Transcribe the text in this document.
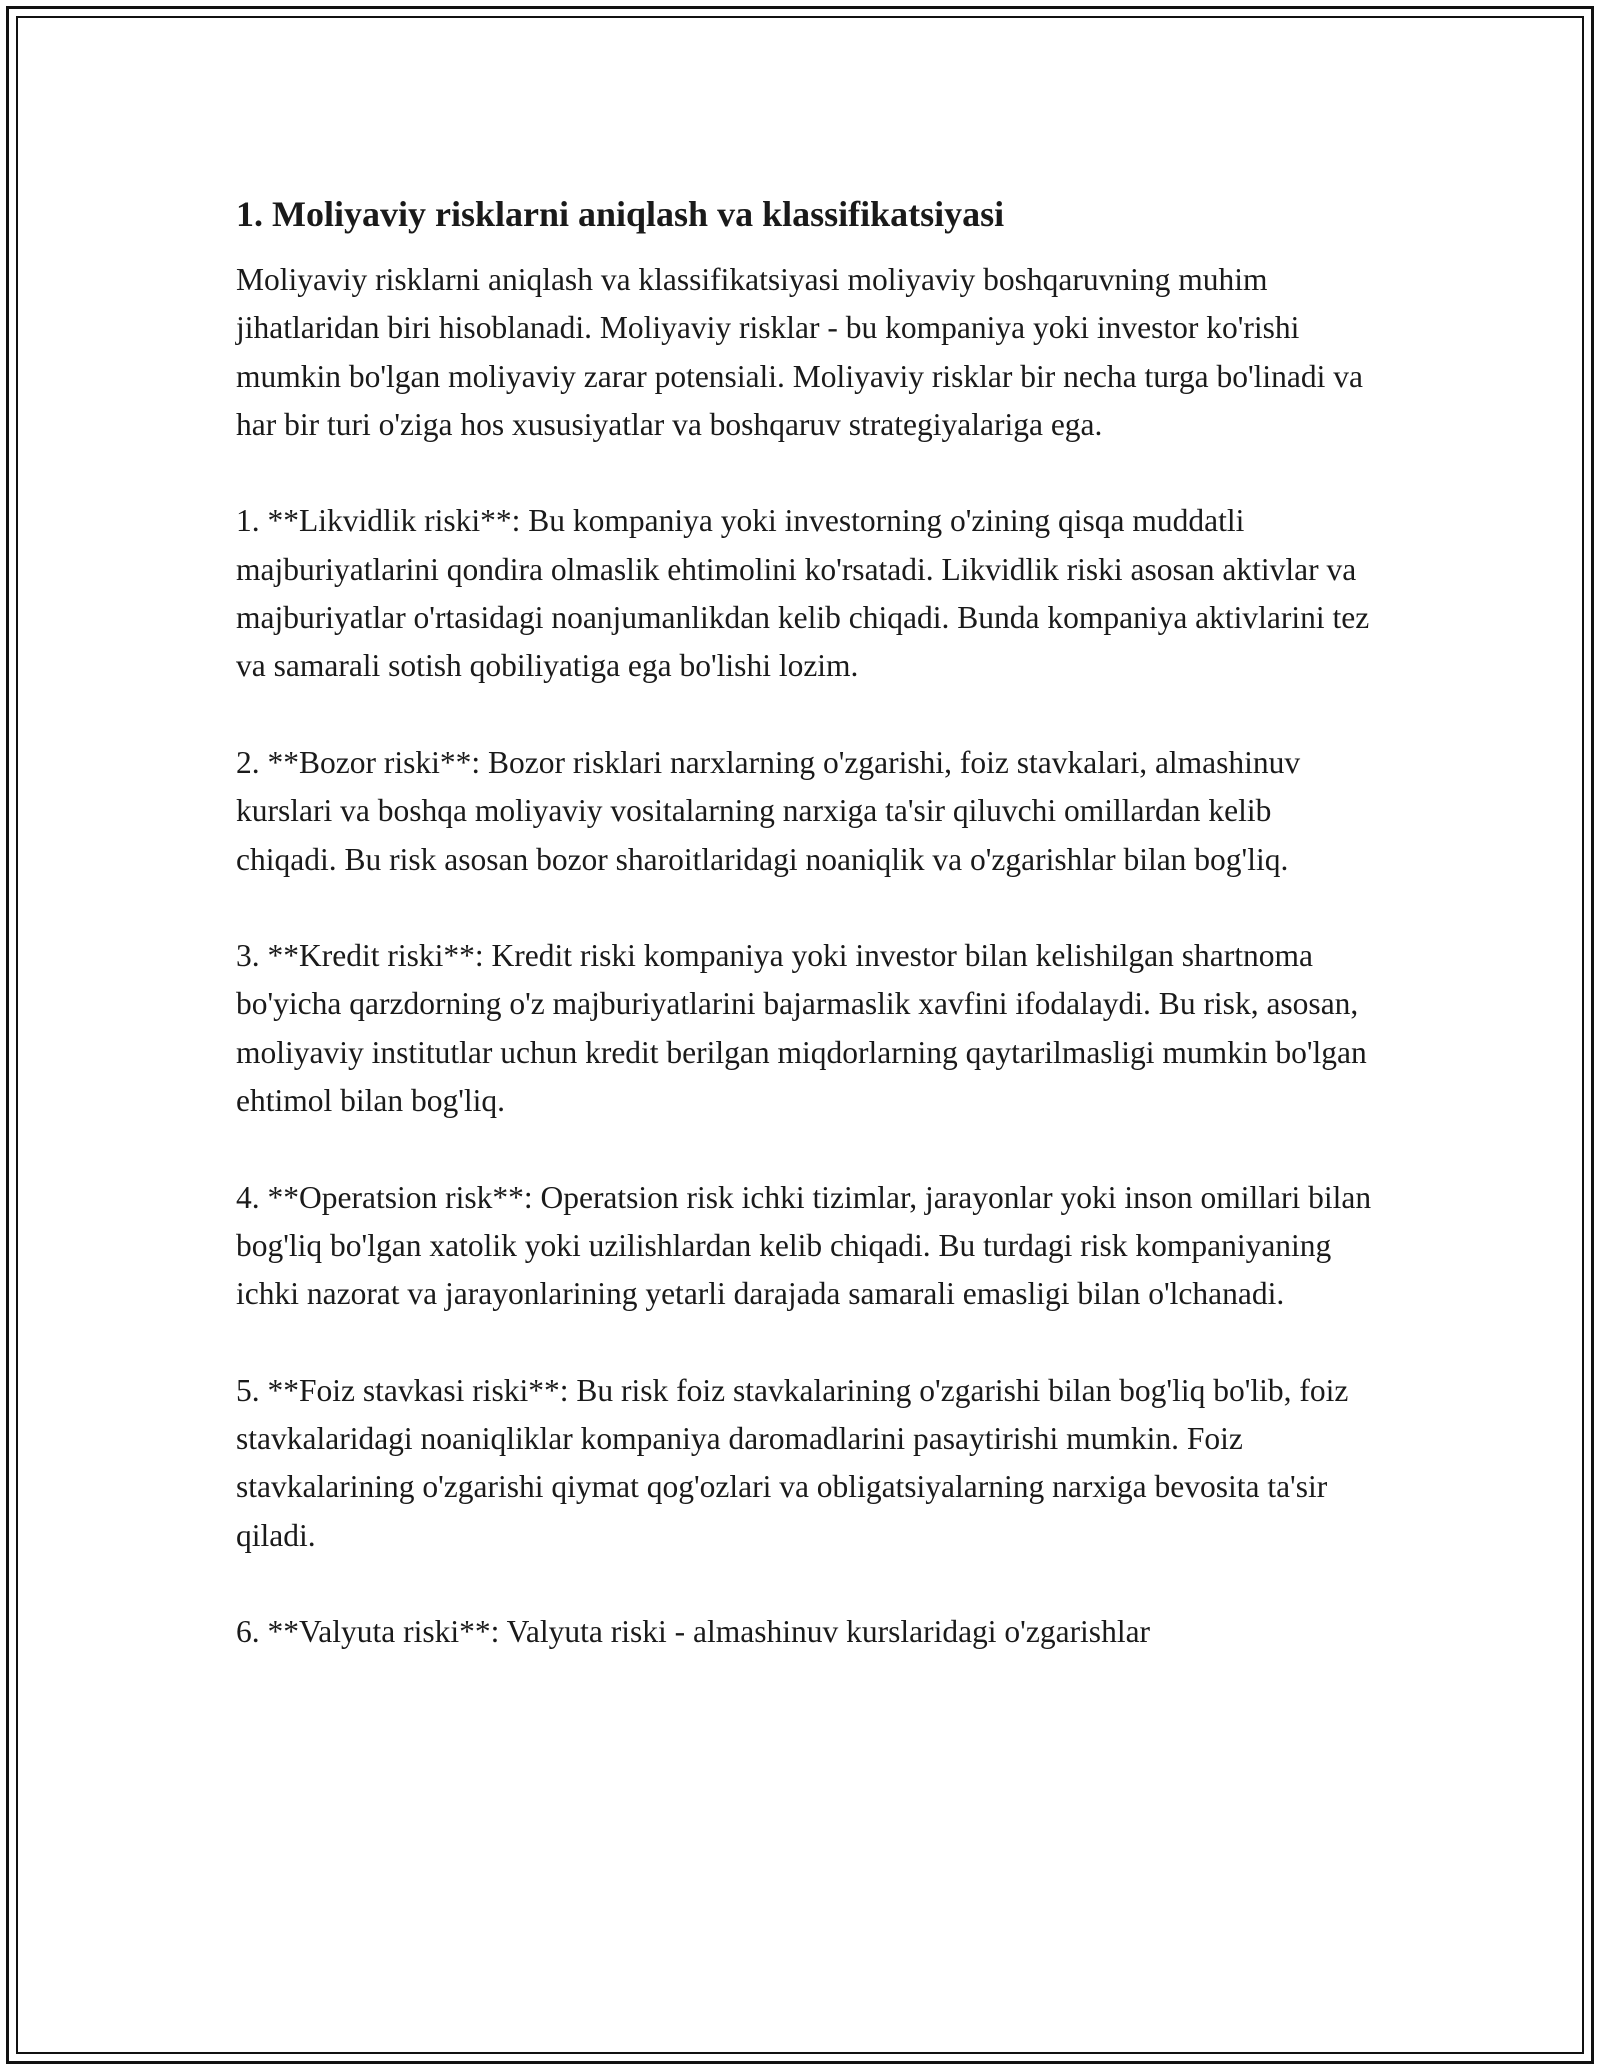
1. Moliyaviy risklarni aniqlash va klassifikatsiyasi

Moliyaviy risklarni aniqlash va klassifikatsiyasi moliyaviy boshqaruvning muhim jihatlaridan biri hisoblanadi. Moliyaviy risklar - bu kompaniya yoki investor ko'rishi mumkin bo'lgan moliyaviy zarar potensiali. Moliyaviy risklar bir necha turga bo'linadi va har bir turi o'ziga hos xususiyatlar va boshqaruv strategiyalariga ega.

1. **Likvidlik riski**: Bu kompaniya yoki investorning o'zining qisqa muddatli majburiyatlarini qondira olmaslik ehtimolini ko'rsatadi. Likvidlik riski asosan aktivlar va majburiyatlar o'rtasidagi noanjumanlikdan kelib chiqadi. Bunda kompaniya aktivlarini tez va samarali sotish qobiliyatiga ega bo'lishi lozim.

2. **Bozor riski**: Bozor risklari narxlarning o'zgarishi, foiz stavkalari, almashinuv kurslari va boshqa moliyaviy vositalarning narxiga ta'sir qiluvchi omillardan kelib chiqadi. Bu risk asosan bozor sharoitlaridagi noaniqlik va o'zgarishlar bilan bog'liq.

3. **Kredit riski**: Kredit riski kompaniya yoki investor bilan kelishilgan shartnoma bo'yicha qarzdorning o'z majburiyatlarini bajarmaslik xavfini ifodalaydi. Bu risk, asosan, moliyaviy institutlar uchun kredit berilgan miqdorlarning qaytarilmasligi mumkin bo'lgan ehtimol bilan bog'liq.

4. **Operatsion risk**: Operatsion risk ichki tizimlar, jarayonlar yoki inson omillari bilan bog'liq bo'lgan xatolik yoki uzilishlardan kelib chiqadi. Bu turdagi risk kompaniyaning ichki nazorat va jarayonlarining yetarli darajada samarali emasligi bilan o'lchanadi.

5. **Foiz stavkasi riski**: Bu risk foiz stavkalarining o'zgarishi bilan bog'liq bo'lib, foiz stavkalaridagi noaniqliklar kompaniya daromadlarini pasaytirishi mumkin. Foiz stavkalarining o'zgarishi qiymat qog'ozlari va obligatsiyalarning narxiga bevosita ta'sir qiladi.

6. **Valyuta riski**: Valyuta riski - almashinuv kurslaridagi o'zgarishlar
